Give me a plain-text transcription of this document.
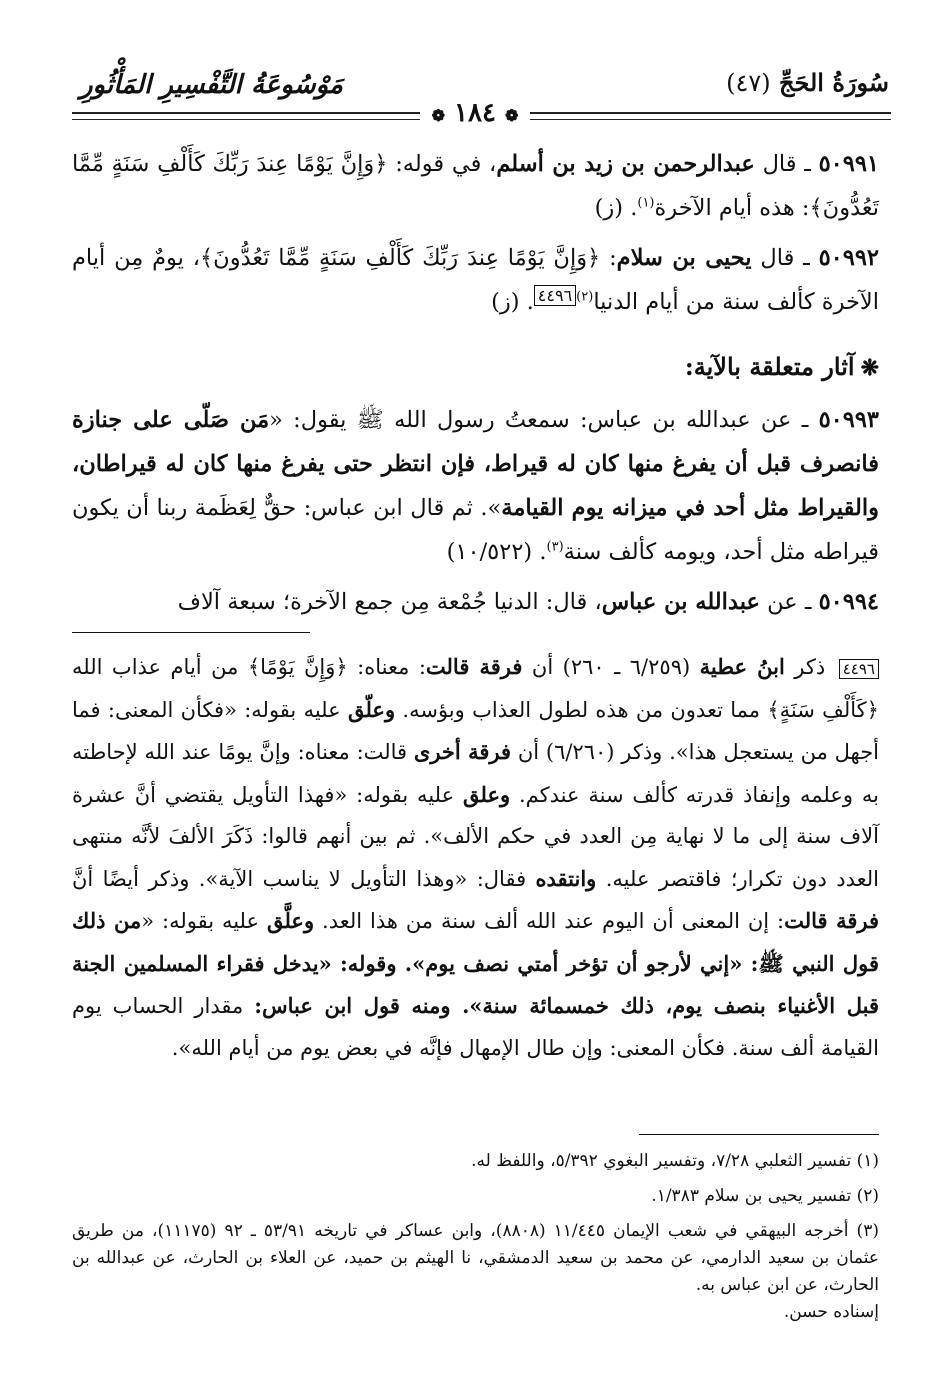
سُورَةُ الحَجِّ (٤٧)
مَوْسُوعَةُ التَّفْسِيرِ المَأْثُورِ
❁ ١٨٤ ❁
٥٠٩٩١ ـ قال عبدالرحمن بن زيد بن أسلم، في قوله: ﴿وَإِنَّ يَوْمًا عِندَ رَبِّكَ كَأَلْفِ سَنَةٍ مِّمَّا تَعُدُّونَ﴾: هذه أيام الآخرة$^{(١)}$. (ز)
٥٠٩٩٢ ـ قال يحيى بن سلام: ﴿وَإِنَّ يَوْمًا عِندَ رَبِّكَ كَأَلْفِ سَنَةٍ مِّمَّا تَعُدُّونَ﴾، يومٌ مِن أيام الآخرة كألف سنة من أيام الدنيا$^{(٢)٤٤٩٦}$. (ز)
❋آثار متعلقة بالآية:
٥٠٩٩٣ ـ عن عبدالله بن عباس: سمعتُ رسول الله ﷺ يقول: «مَن صَلّى على جنازة فانصرف قبل أن يفرغ منها كان له قيراط، فإن انتظر حتى يفرغ منها كان له قيراطان، والقيراط مثل أحد في ميزانه يوم القيامة». ثم قال ابن عباس: حقٌّ لِعَظَمة ربنا أن يكون قيراطه مثل أحد، ويومه كألف سنة$^{(٣)}$. (١٠/٥٢٢)
٥٠٩٩٤ ـ عن عبدالله بن عباس، قال: الدنيا جُمْعة مِن جمع الآخرة؛ سبعة آلاف
٤٤٩٦ ذكر ابنُ عطية (٦/٢٥٩ ـ ٢٦٠) أن فرقة قالت: معناه: ﴿وَإِنَّ يَوْمًا﴾ من أيام عذاب الله ﴿كَأَلْفِ سَنَةٍ﴾ مما تعدون من هذه لطول العذاب وبؤسه. وعلّق عليه بقوله: «فكأن المعنى: فما أجهل من يستعجل هذا». وذكر (٦/٢٦٠) أن فرقة أخرى قالت: معناه: وإنَّ يومًا عند الله لإحاطته به وعلمه وإنفاذ قدرته كألف سنة عندكم. وعلق عليه بقوله: «فهذا التأويل يقتضي أنَّ عشرة آلاف سنة إلى ما لا نهاية مِن العدد في حكم الألف». ثم بين أنهم قالوا: ذَكَرَ الألفَ لأنَّه منتهى العدد دون تكرار؛ فاقتصر عليه. وانتقده فقال: «وهذا التأويل لا يناسب الآية». وذكر أيضًا أنَّ فرقة قالت: إن المعنى أن اليوم عند الله ألف سنة من هذا العد. وعلَّق عليه بقوله: «من ذلك قول النبي ﷺ: «إني لأرجو أن تؤخر أمتي نصف يوم». وقوله: «يدخل فقراء المسلمين الجنة قبل الأغنياء بنصف يوم، ذلك خمسمائة سنة». ومنه قول ابن عباس: مقدار الحساب يوم القيامة ألف سنة. فكأن المعنى: وإن طال الإمهال فإنَّه في بعض يوم من أيام الله».
(١) تفسير الثعلبي ٧/٢٨، وتفسير البغوي ٥/٣٩٢، واللفظ له.
(٢) تفسير يحيى بن سلام ١/٣٨٣.
(٣) أخرجه البيهقي في شعب الإيمان ١١/٤٤٥ (٨٨٠٨)، وابن عساكر في تاريخه ٥٣/٩١ ـ ٩٢ (١١١٧٥)، من طريق عثمان بن سعيد الدارمي، عن محمد بن سعيد الدمشقي، نا الهيثم بن حميد، عن العلاء بن الحارث، عن عبدالله بن الحارث، عن ابن عباس به.
إسناده حسن.
